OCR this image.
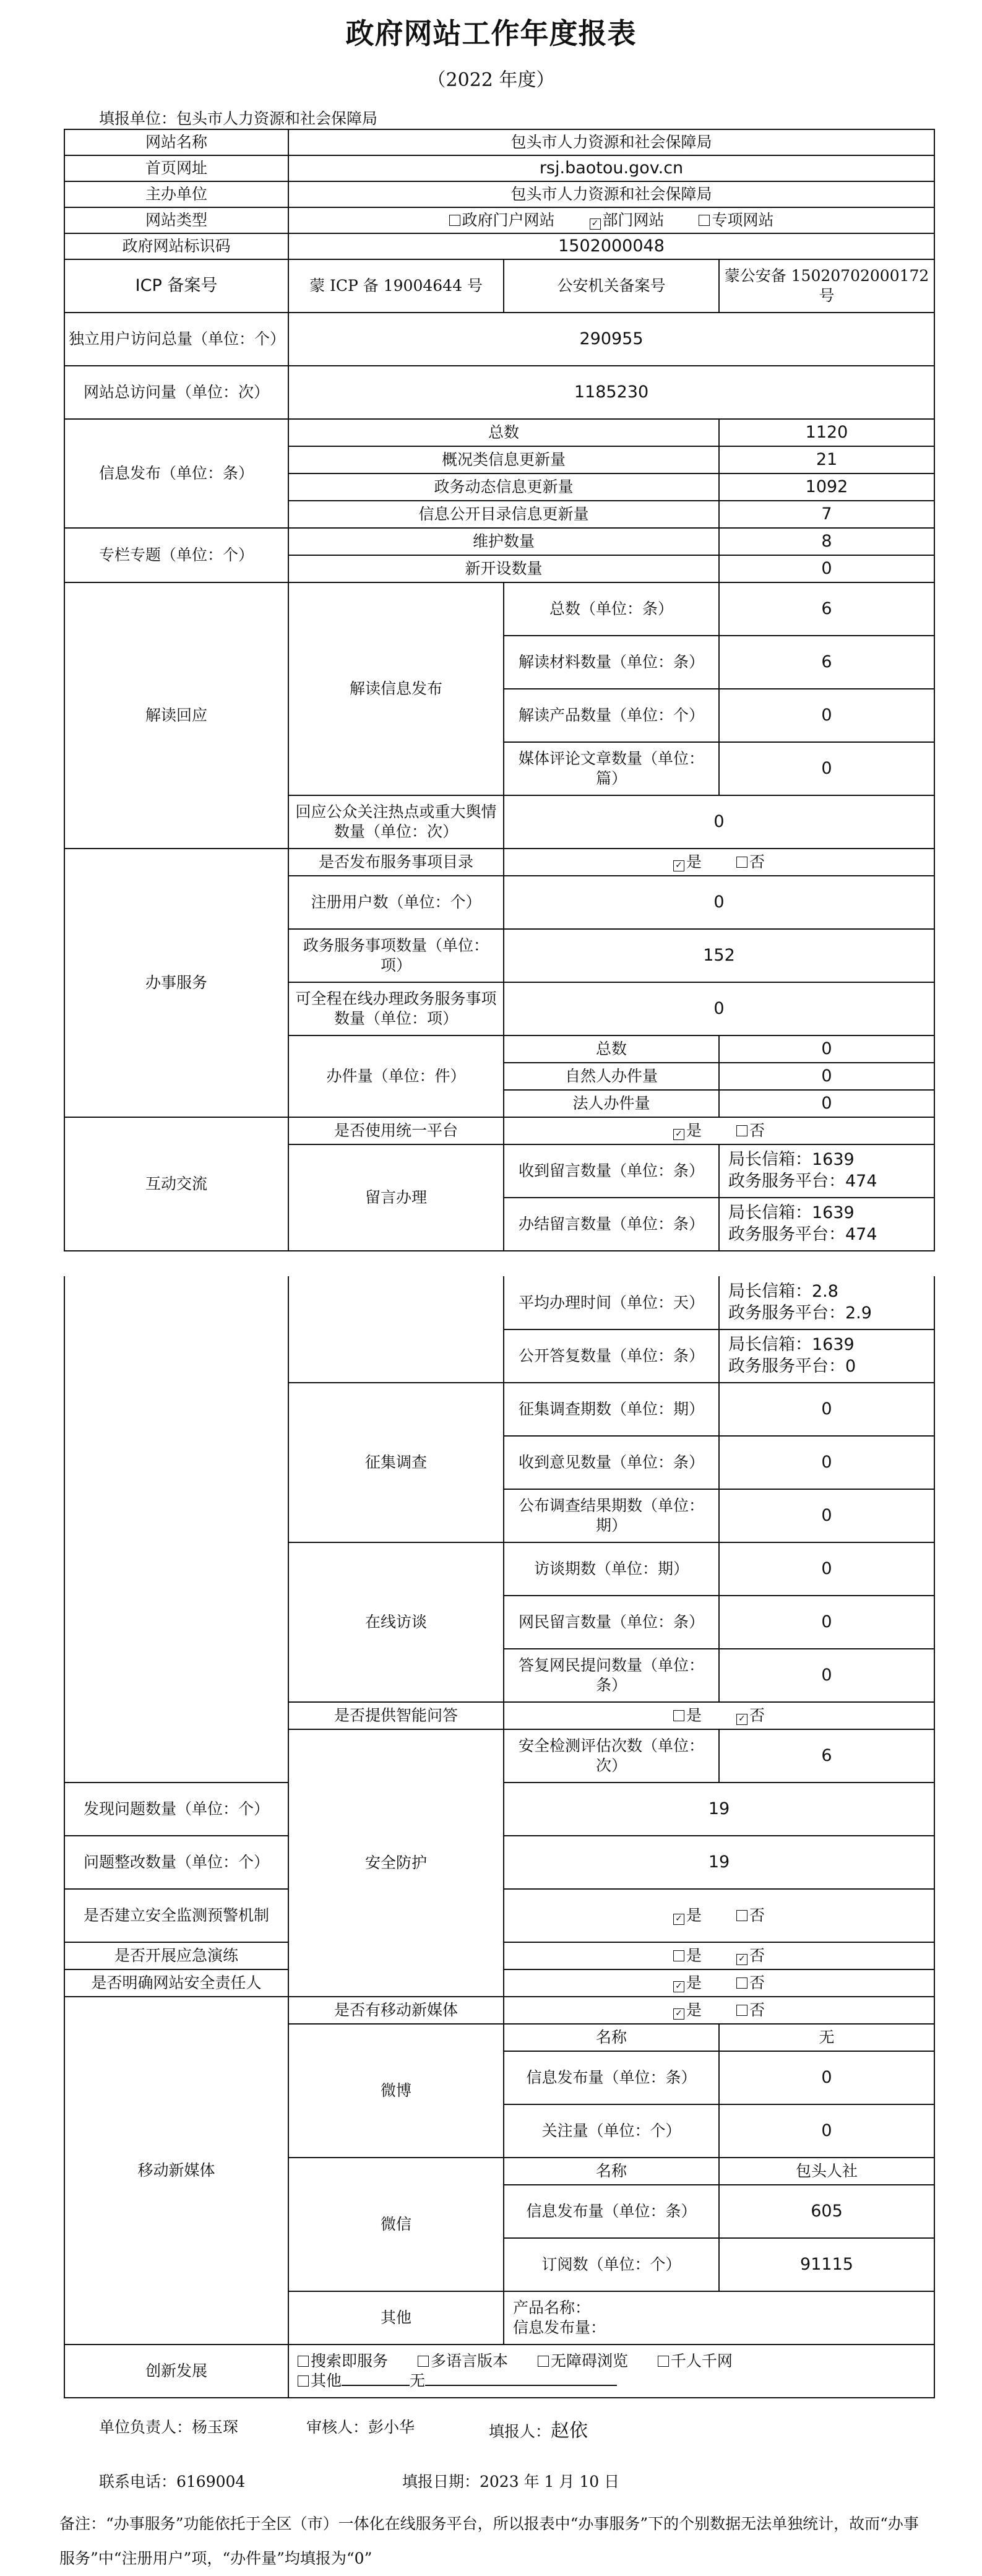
政府网站工作年度报表
（2022 年度）
填报单位：包头市人力资源和社会保障局
网站名称	包头市人力资源和社会保障局		
首页网址	rsj.baotou.gov.cn		
主办单位	包头市人力资源和社会保障局		
网站类型	政府门户网站 ✓ 部门网站 专项网站		
政府网站标识码	1502000048		
ICP 备案号	蒙 ICP 备 19004644 号	公安机关备案号	蒙公安备 15020702000172 号
独立用户访问总量（单位：个）	290955		
网站总访问量（单位：次）	1185230		
信息发布（单位：条）	总数		1120
	概况类信息更新量		21
	政务动态信息更新量		1092
	信息公开目录信息更新量		7
专栏专题（单位：个）	维护数量		8
	新开设数量		0
解读回应	解读信息发布	总数（单位：条）	6
		解读材料数量（单位：条）	6
		解读产品数量（单位：个）	0
		媒体评论文章数量（单位：篇）	0
	回应公众关注热点或重大舆情数量（单位：次）	0	
办事服务	是否发布服务事项目录	✓ 是 否	
	注册用户数（单位：个）	0	
	政务服务事项数量（单位：项）	152	
	可全程在线办理政务服务事项数量（单位：项）	0	
	办件量（单位：件）	总数	0
		自然人办件量	0
		法人办件量	0
互动交流	是否使用统一平台	✓ 是 否	
	留言办理	收到留言数量（单位：条）	局长信箱：1639
政务服务平台：474

		办结留言数量（单位：条）	局长信箱：1639
政务服务平台：474
		平均办理时间（单位：天）	局长信箱：2.8
政务服务平台：2.9

		公开答复数量（单位：条）	局长信箱：1639
政务服务平台：0

	征集调查	征集调查期数（单位：期）	0
		收到意见数量（单位：条）	0
		公布调查结果期数（单位：期）	0
	在线访谈	访谈期数（单位：期）	0
		网民留言数量（单位：条）	0
		答复网民提问数量（单位：条）	0
	是否提供智能问答	是 ✓ 否	
	安全防护	安全检测评估次数（单位：次）	6
发现问题数量（单位：个）		19	
问题整改数量（单位：个）		19	
是否建立安全监测预警机制		✓ 是 否	
是否开展应急演练		是 ✓ 否	
是否明确网站安全责任人		✓ 是 否	
移动新媒体	是否有移动新媒体	✓ 是 否	
	微博	名称	无
		信息发布量（单位：条）	0
		关注量（单位：个）	0
	微信	名称	包头人社
		信息发布量（单位：条）	605
		订阅数（单位：个）	91115
	其他	产品名称：
信息发布量：	

创新发展	搜索即服务 多语言版本 无障碍浏览 千人千网
其他 无		
单位负责人：杨玉琛	审核人：彭小华	填报人：赵依
联系电话：6169004	填报日期：2023 年 1 月 10 日
备注：“办事服务”功能依托于全区（市）一体化在线服务平台，所以报表中“办事服务”下的个别数据无法单独统计，故而“办事服务”中“注册用户”项，“办件量”均填报为“0”
